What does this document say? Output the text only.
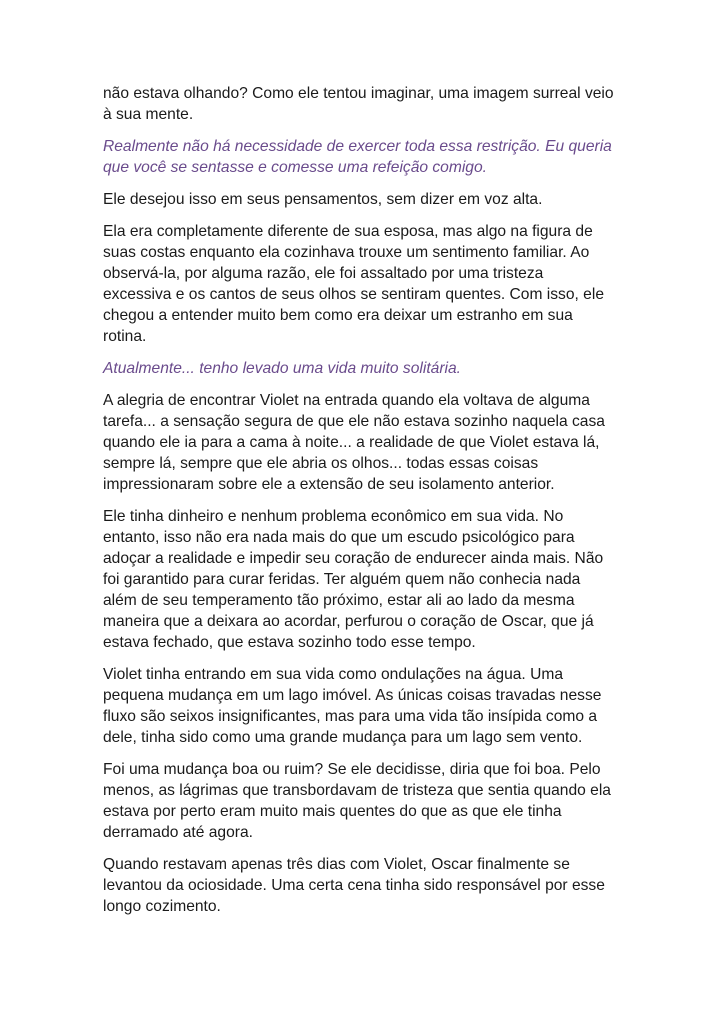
não estava olhando? Como ele tentou imaginar, uma imagem surreal veio à sua mente.

Realmente não há necessidade de exercer toda essa restrição. Eu queria que você se sentasse e comesse uma refeição comigo.

Ele desejou isso em seus pensamentos, sem dizer em voz alta.

Ela era completamente diferente de sua esposa, mas algo na figura de suas costas enquanto ela cozinhava trouxe um sentimento familiar. Ao observá-la, por alguma razão, ele foi assaltado por uma tristeza excessiva e os cantos de seus olhos se sentiram quentes. Com isso, ele chegou a entender muito bem como era deixar um estranho em sua rotina.

Atualmente... tenho levado uma vida muito solitária.

A alegria de encontrar Violet na entrada quando ela voltava de alguma tarefa... a sensação segura de que ele não estava sozinho naquela casa quando ele ia para a cama à noite... a realidade de que Violet estava lá, sempre lá, sempre que ele abria os olhos... todas essas coisas impressionaram sobre ele a extensão de seu isolamento anterior.

Ele tinha dinheiro e nenhum problema econômico em sua vida. No entanto, isso não era nada mais do que um escudo psicológico para adoçar a realidade e impedir seu coração de endurecer ainda mais. Não foi garantido para curar feridas. Ter alguém quem não conhecia nada além de seu temperamento tão próximo, estar ali ao lado da mesma maneira que a deixara ao acordar, perfurou o coração de Oscar, que já estava fechado, que estava sozinho todo esse tempo.

Violet tinha entrando em sua vida como ondulações na água. Uma pequena mudança em um lago imóvel. As únicas coisas travadas nesse fluxo são seixos insignificantes, mas para uma vida tão insípida como a dele, tinha sido como uma grande mudança para um lago sem vento.

Foi uma mudança boa ou ruim? Se ele decidisse, diria que foi boa. Pelo menos, as lágrimas que transbordavam de tristeza que sentia quando ela estava por perto eram muito mais quentes do que as que ele tinha derramado até agora.

Quando restavam apenas três dias com Violet, Oscar finalmente se levantou da ociosidade. Uma certa cena tinha sido responsável por esse longo cozimento.
